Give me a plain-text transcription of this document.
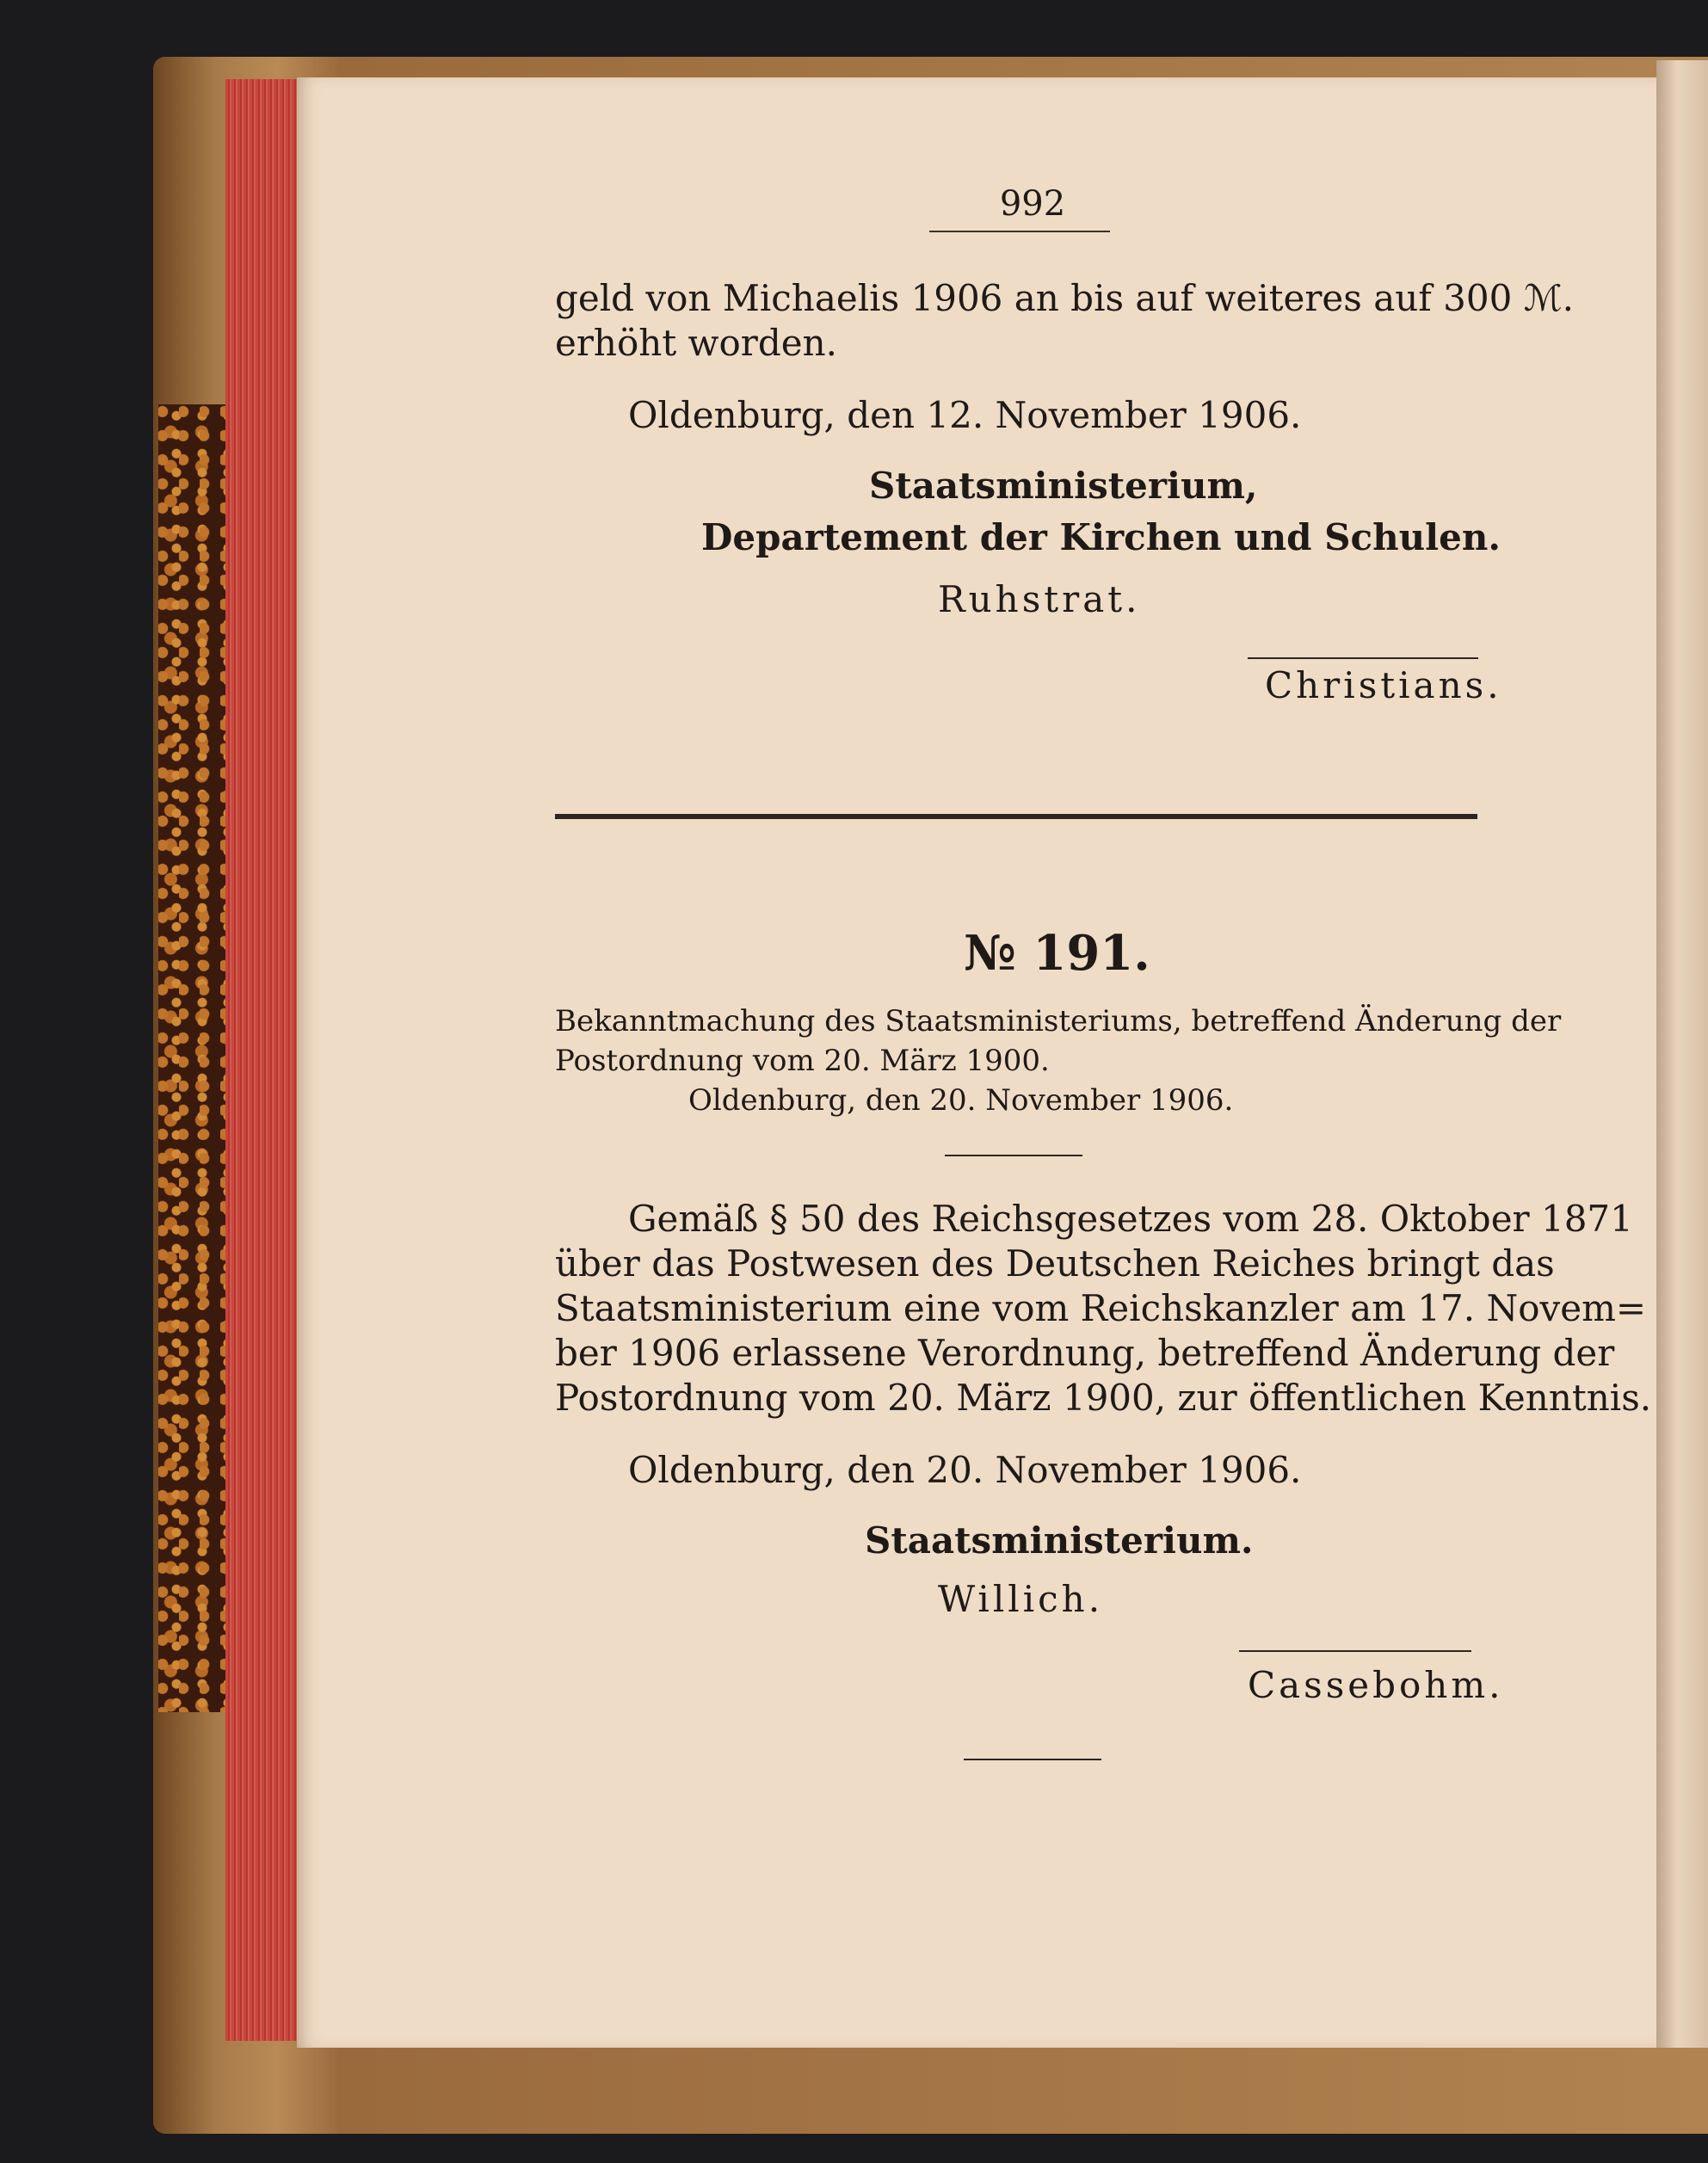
992
geld von Michaelis 1906 an bis auf weiteres auf 300 ℳ.
erhöht worden.
Oldenburg, den 12. November 1906.
Staatsministerium,
Departement der Kirchen und Schulen.
Ruhstrat.
Christians.
№ 191.
Bekanntmachung des Staatsministeriums, betreffend Änderung der
Postordnung vom 20. März 1900.
Oldenburg, den 20. November 1906.
Gemäß § 50 des Reichsgesetzes vom 28. Oktober 1871
über das Postwesen des Deutschen Reiches bringt das
Staatsministerium eine vom Reichskanzler am 17. Novem=
ber 1906 erlassene Verordnung, betreffend Änderung der
Postordnung vom 20. März 1900, zur öffentlichen Kenntnis.
Oldenburg, den 20. November 1906.
Staatsministerium.
Willich.
Cassebohm.
